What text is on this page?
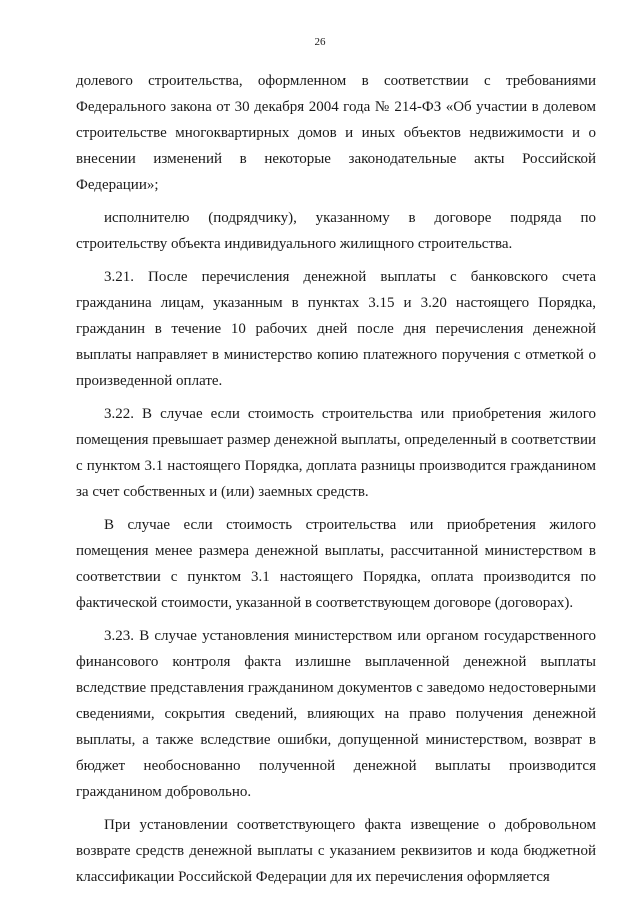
26

долевого строительства, оформленном в соответствии с требованиями Федерального закона от 30 декабря 2004 года № 214-ФЗ «Об участии в долевом строительстве многоквартирных домов и иных объектов недвижимости и о внесении изменений в некоторые законодательные акты Российской Федерации»;

исполнителю (подрядчику), указанному в договоре подряда по строительству объекта индивидуального жилищного строительства.

3.21. После перечисления денежной выплаты с банковского счета гражданина лицам, указанным в пунктах 3.15 и 3.20 настоящего Порядка, гражданин в течение 10 рабочих дней после дня перечисления денежной выплаты направляет в министерство копию платежного поручения с отметкой о произведенной оплате.

3.22. В случае если стоимость строительства или приобретения жилого помещения превышает размер денежной выплаты, определенный в соответствии с пунктом 3.1 настоящего Порядка, доплата разницы производится гражданином за счет собственных и (или) заемных средств.

В случае если стоимость строительства или приобретения жилого помещения менее размера денежной выплаты, рассчитанной министерством в соответствии с пунктом 3.1 настоящего Порядка, оплата производится по фактической стоимости, указанной в соответствующем договоре (договорах).

3.23. В случае установления министерством или органом государственного финансового контроля факта излишне выплаченной денежной выплаты вследствие представления гражданином документов с заведомо недостоверными сведениями, сокрытия сведений, влияющих на право получения денежной выплаты, а также вследствие ошибки, допущенной министерством, возврат в бюджет необоснованно полученной денежной выплаты производится гражданином добровольно.

При установлении соответствующего факта извещение о добровольном возврате средств денежной выплаты с указанием реквизитов и кода бюджетной классификации Российской Федерации для их перечисления оформляется
